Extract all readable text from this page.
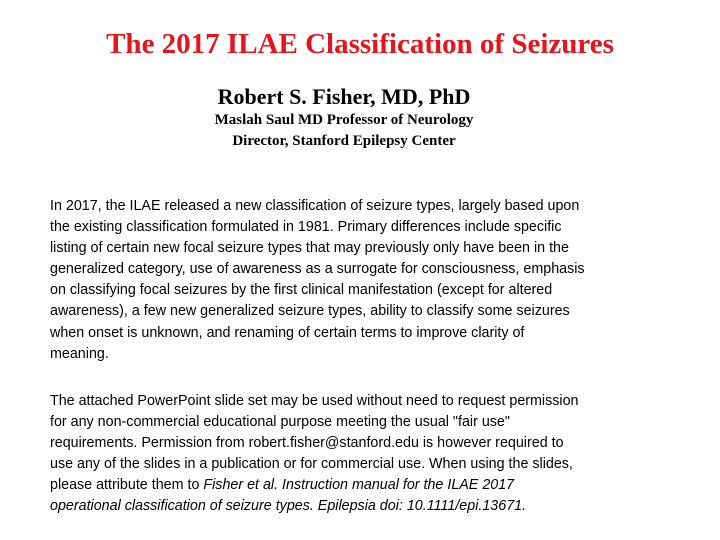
The 2017 ILAE Classification of Seizures
Robert S. Fisher, MD, PhD
Maslah Saul MD Professor of Neurology
Director, Stanford Epilepsy Center

In 2017, the ILAE released a new classification of seizure types, largely based upon
the existing classification formulated in 1981. Primary differences include specific
listing of certain new focal seizure types that may previously only have been in the
generalized category, use of awareness as a surrogate for consciousness, emphasis
on classifying focal seizures by the first clinical manifestation (except for altered
awareness), a few new generalized seizure types, ability to classify some seizures
when onset is unknown, and renaming of certain terms to improve clarity of
meaning.

The attached PowerPoint slide set may be used without need to request permission
for any non-commercial educational purpose meeting the usual "fair use"
requirements. Permission from robert.fisher@stanford.edu is however required to
use any of the slides in a publication or for commercial use. When using the slides,
please attribute them to Fisher et al. Instruction manual for the ILAE 2017
operational classification of seizure types. Epilepsia doi: 10.1111/epi.13671.
